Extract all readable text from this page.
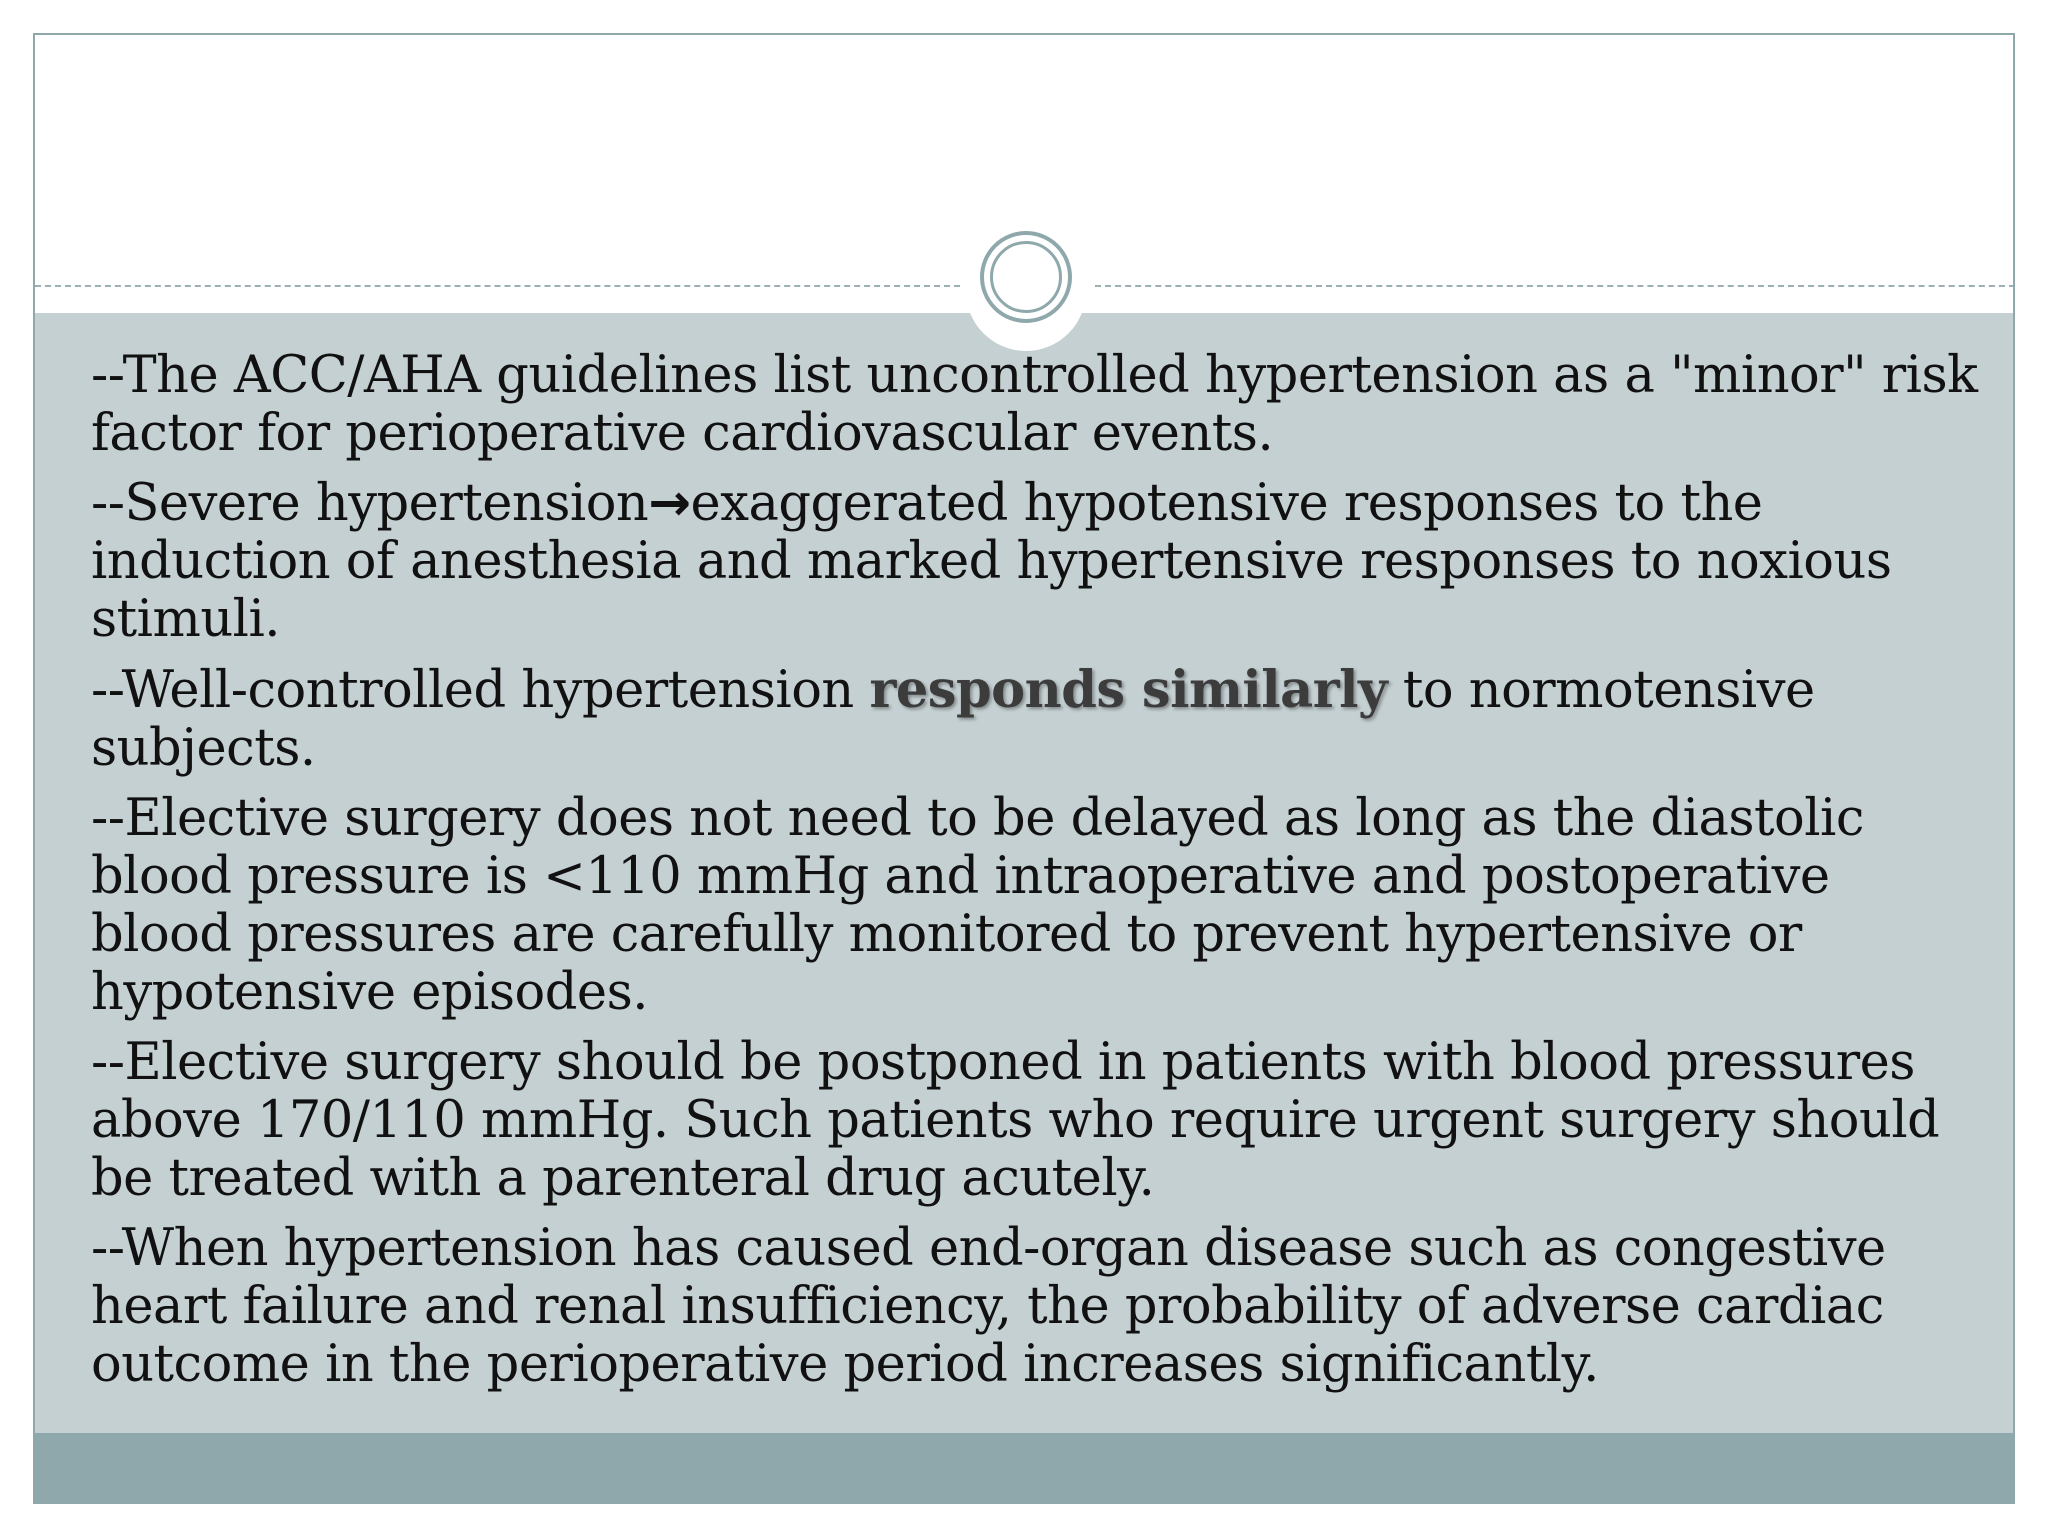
--The ACC/AHA guidelines list uncontrolled hypertension as a "minor" risk factor for perioperative cardiovascular events.

--Severe hypertension→exaggerated hypotensive responses to the induction of anesthesia and marked hypertensive responses to noxious stimuli.

--Well-controlled hypertension responds similarly to normotensive subjects.

--Elective surgery does not need to be delayed as long as the diastolic blood pressure is <110 mmHg and intraoperative and postoperative blood pressures are carefully monitored to prevent hypertensive or hypotensive episodes.

--Elective surgery should be postponed in patients with blood pressures above 170/110 mmHg. Such patients who require urgent surgery should be treated with a parenteral drug acutely.

--When hypertension has caused end-organ disease such as congestive heart failure and renal insufficiency, the probability of adverse cardiac outcome in the perioperative period increases significantly.
